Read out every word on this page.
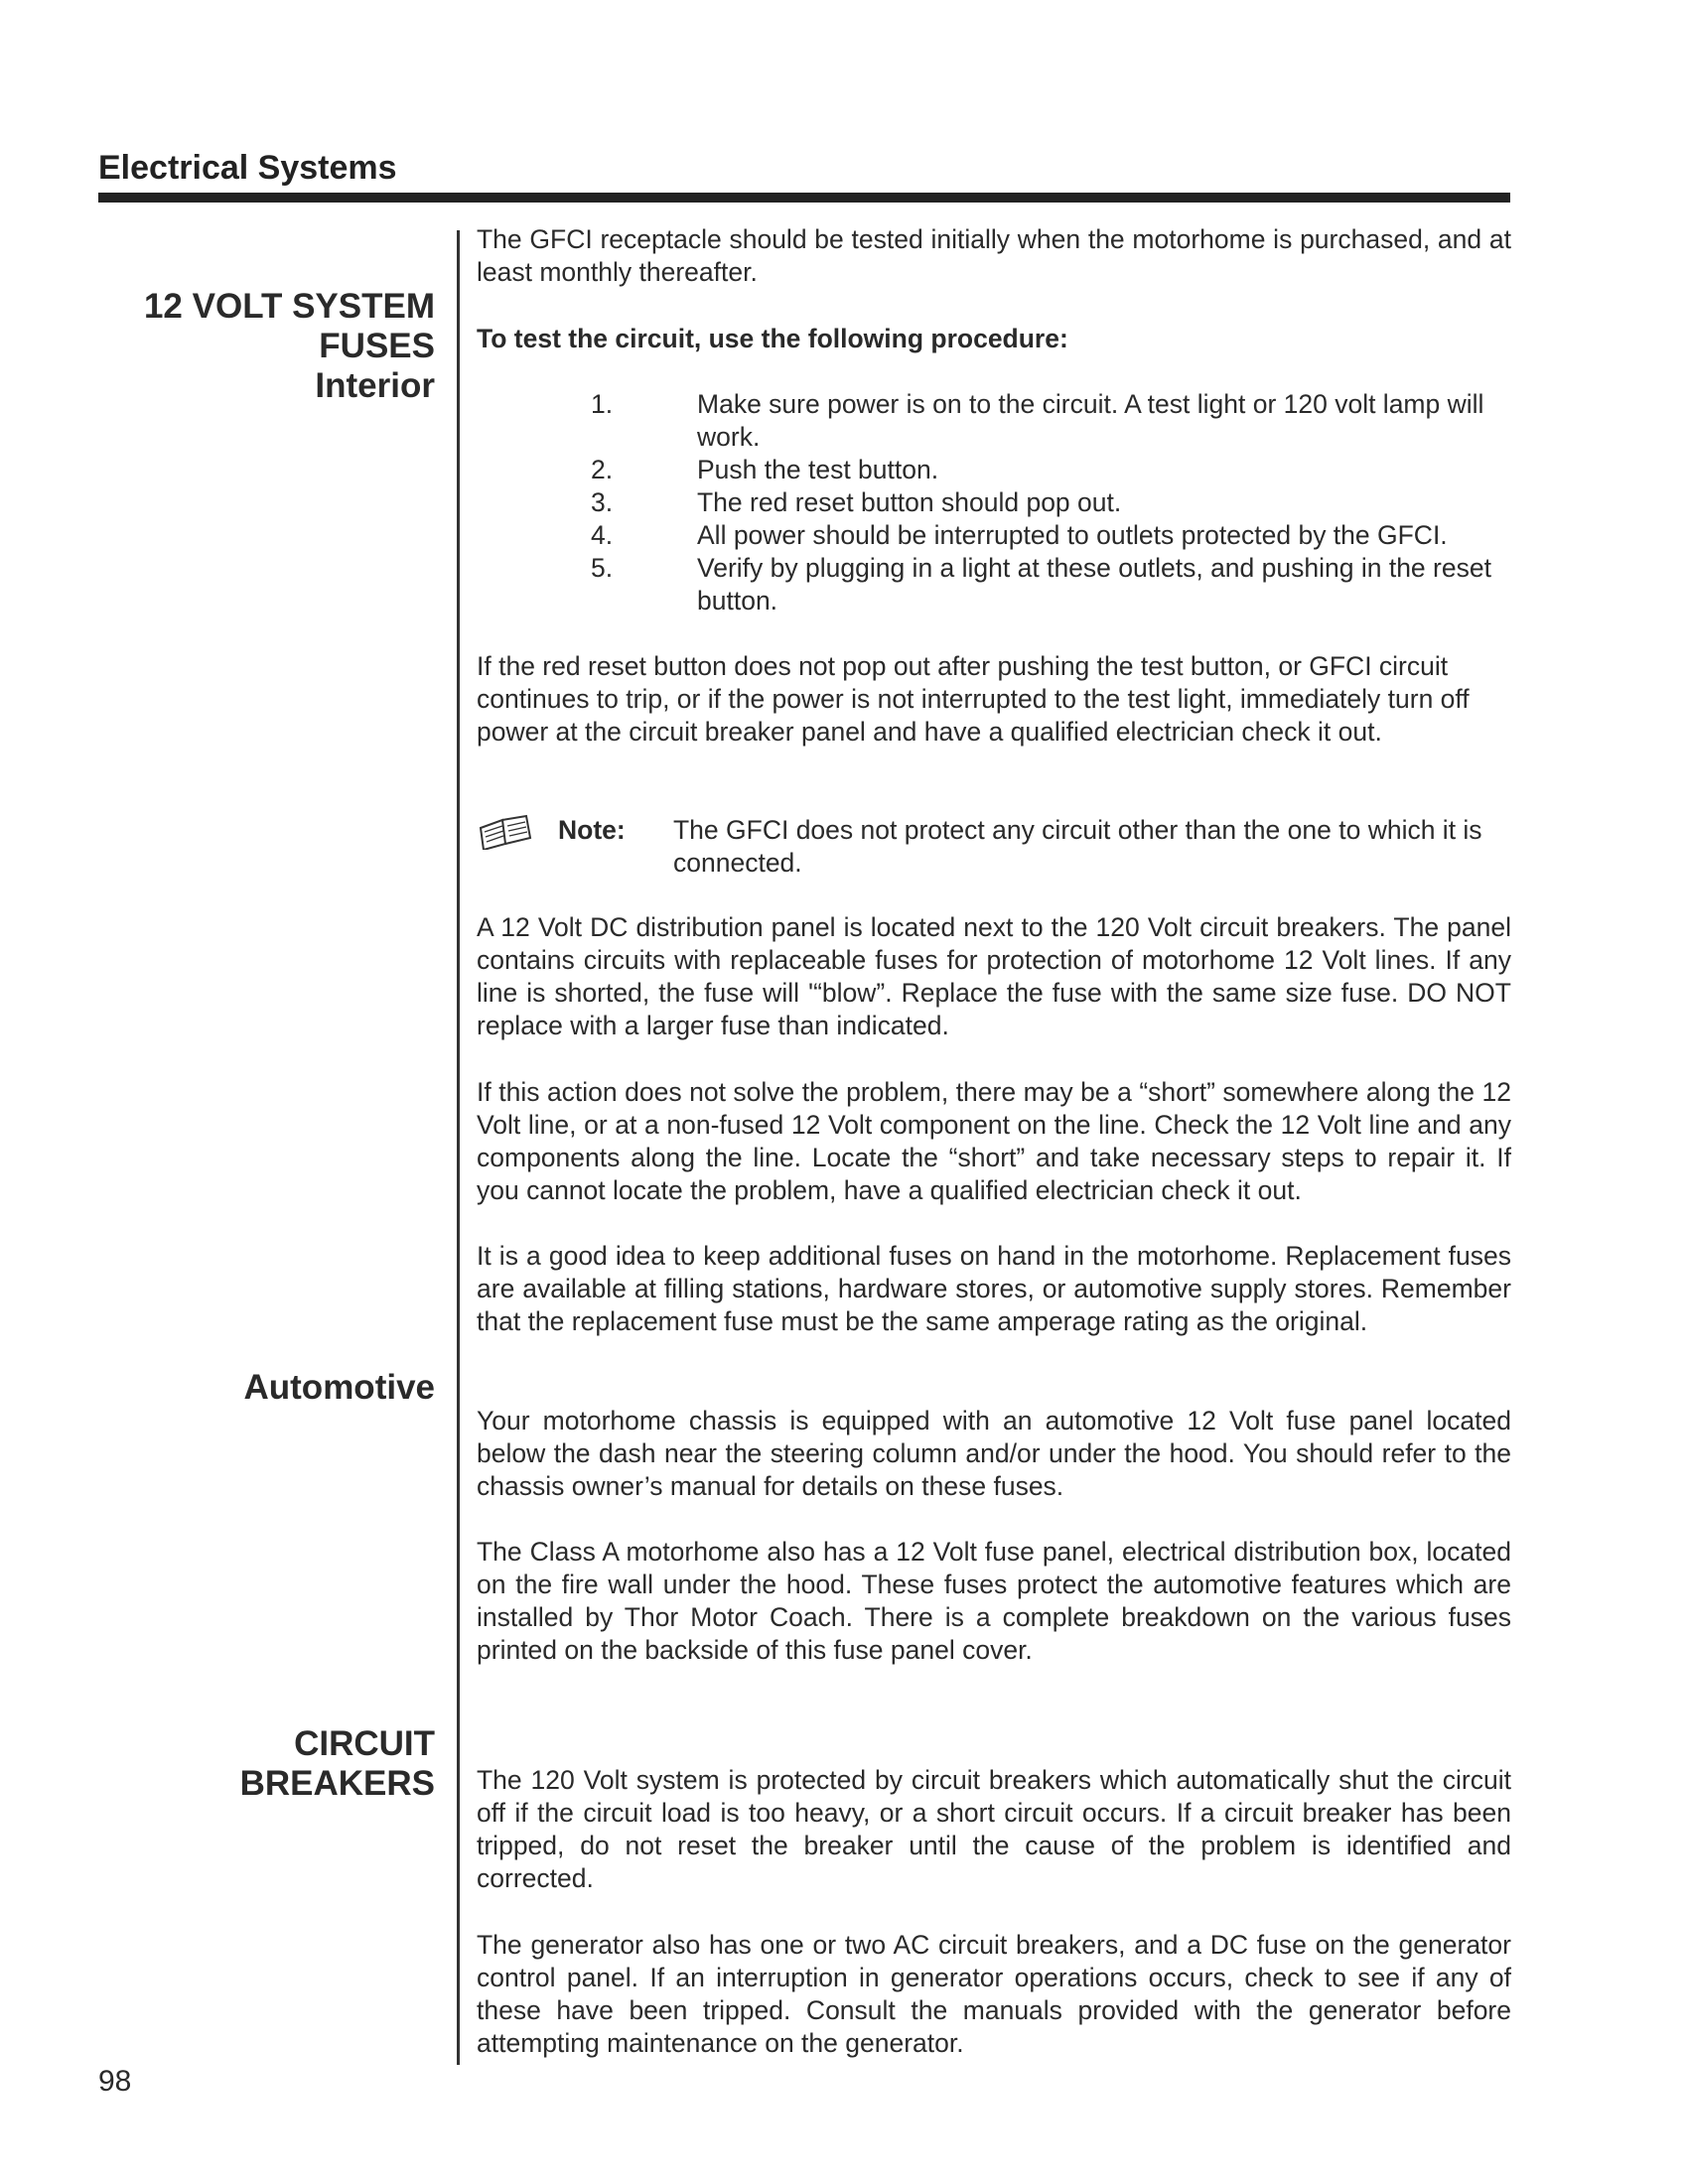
Electrical Systems
12 VOLT SYSTEM
FUSES
Interior
Automotive
CIRCUIT
BREAKERS
The GFCI receptacle should be tested initially when the motorhome is purchased, and at least monthly thereafter.
To test the circuit, use the following procedure:
1.	Make sure power is on to the circuit. A test light or 120 volt lamp will work.
2.	Push the test button.
3.	The red reset button should pop out.
4.	All power should be interrupted to outlets protected by the GFCI.
5.	Verify by plugging in a light at these outlets, and pushing in the reset button.
If the red reset button does not pop out after pushing the test button, or GFCI circuit continues to trip, or if the power is not interrupted to the test light, immediately turn off power at the circuit breaker panel and have a qualified electrician check it out.
Note: The GFCI does not protect any circuit other than the one to which it is connected.
A 12 Volt DC distribution panel is located next to the 120 Volt circuit breakers. The panel contains circuits with replaceable fuses for protection of motorhome 12 Volt lines. If any line is shorted, the fuse will '“blow”. Replace the fuse with the same size fuse. DO NOT replace with a larger fuse than indicated.
If this action does not solve the problem, there may be a “short” somewhere along the 12 Volt line, or at a non-fused 12 Volt component on the line. Check the 12 Volt line and any components along the line. Locate the “short” and take necessary steps to repair it. If you cannot locate the problem, have a qualified electrician check it out.
It is a good idea to keep additional fuses on hand in the motorhome. Replacement fuses are available at filling stations, hardware stores, or automotive supply stores. Remember that the replacement fuse must be the same amperage rating as the original.
Your motorhome chassis is equipped with an automotive 12 Volt fuse panel located below the dash near the steering column and/or under the hood. You should refer to the chassis owner’s manual for details on these fuses.
The Class A motorhome also has a 12 Volt fuse panel, electrical distribution box, located on the fire wall under the hood. These fuses protect the automotive features which are installed by Thor Motor Coach. There is a complete breakdown on the various fuses printed on the backside of this fuse panel cover.
The 120 Volt system is protected by circuit breakers which automatically shut the circuit off if the circuit load is too heavy, or a short circuit occurs. If a circuit breaker has been tripped, do not reset the breaker until the cause of the problem is identified and corrected.
The generator also has one or two AC circuit breakers, and a DC fuse on the generator control panel. If an interruption in generator operations occurs, check to see if any of these have been tripped. Consult the manuals provided with the generator before attempting maintenance on the generator.
98
